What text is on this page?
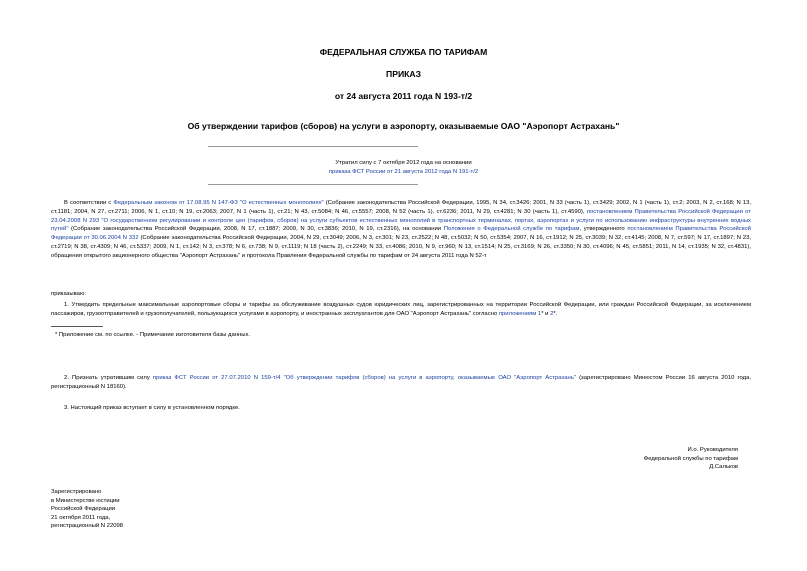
ФЕДЕРАЛЬНАЯ СЛУЖБА ПО ТАРИФАМ
ПРИКАЗ
от 24 августа 2011 года N 193-т/2
Об утверждении тарифов (сборов) на услуги в аэропорту, оказываемые ОАО "Аэропорт Астрахань"
Утратил силу с 7 октября 2012 года на основании
приказа ФСТ России от 21 августа 2012 года N 191-т/2
В соответствии с Федеральным законом от 17.08.95 N 147-ФЗ "О естественных монополиях" (Собрание законодательства Российской Федерации, 1995, N 34, ст.3426; 2001, N 33 (часть 1), ст.3429; 2002, N 1 (часть 1), ст.2; 2003, N 2, ст.168; N 13, ст.1181; 2004, N 27, ст.2711; 2006, N 1, ст.10; N 19, ст.2063; 2007, N 1 (часть 1), ст.21; N 43, ст.5084; N 46, ст.5557; 2008, N 52 (часть 1), ст.6236; 2011, N 29, ст.4281; N 30 (часть 1), ст.4590), постановлением Правительства Российской Федерации от 23.04.2008 N 293 "О государственном регулировании и контроле цен (тарифов, сборов) на услуги субъектов естественных монополий в транспортных терминалах, портах, аэропортах и услуги по использованию инфраструктуры внутренних водных путей" (Собрание законодательства Российской Федерации, 2008, N 17, ст.1887; 2009, N 30, ст.3836; 2010, N 19, ст.2316), на основании Положения о Федеральной службе по тарифам, утвержденного постановлением Правительства Российской Федерации от 30.06.2004 N 332 (Собрание законодательства Российской Федерации, 2004, N 29, ст.3049; 2006, N 3, ст.301; N 23, ст.2522; N 48, ст.5032; N 50, ст.5354; 2007, N 16, ст.1912; N 25, ст.3039; N 32, ст.4145; 2008, N 7, ст.597; N 17, ст.1897; N 23, ст.2719; N 38, ст.4309; N 46, ст.5337; 2009, N 1, ст.142; N 3, ст.378; N 6, ст.738; N 9, ст.1119; N 18 (часть 2), ст.2249; N 33, ст.4086; 2010, N 9, ст.960; N 13, ст.1514; N 25, ст.3169; N 26, ст.3350; N 30, ст.4096; N 45, ст.5851; 2011, N 14, ст.1935; N 32, ст.4831), обращения открытого акционерного общества "Аэропорт Астрахань" и протокола Правления Федеральной службы по тарифам от 24 августа 2011 года N 52-т
приказываю:
1. Утвердить предельные максимальные аэропортовые сборы и тарифы за обслуживание воздушных судов юридических лиц, зарегистрированных на территории Российской Федерации, или граждан Российской Федерации, за исключением пассажиров, грузоотправителей и грузополучателей, пользующихся услугами в аэропорту, и иностранных эксплуатантов для ОАО "Аэропорт Астрахань" согласно приложениям 1* и 2*.
* Приложение см. по ссылке. - Примечание изготовителя базы данных.
2. Признать утратившим силу приказ ФСТ России от 27.07.2010 N 159-т/4 "Об утверждении тарифов (сборов) на услуги в аэропорту, оказываемые ОАО "Аэропорт Астрахань" (зарегистрировано Минюстом России 16 августа 2010 года, регистрационный N 18160).
3. Настоящий приказ вступает в силу в установленном порядке.
И.о. Руководителя
Федеральной службы по тарифам
Д.Сальков
Зарегистрировано
в Министерстве юстиции
Российской Федерации
21 октября 2011 года,
регистрационный N 22098
